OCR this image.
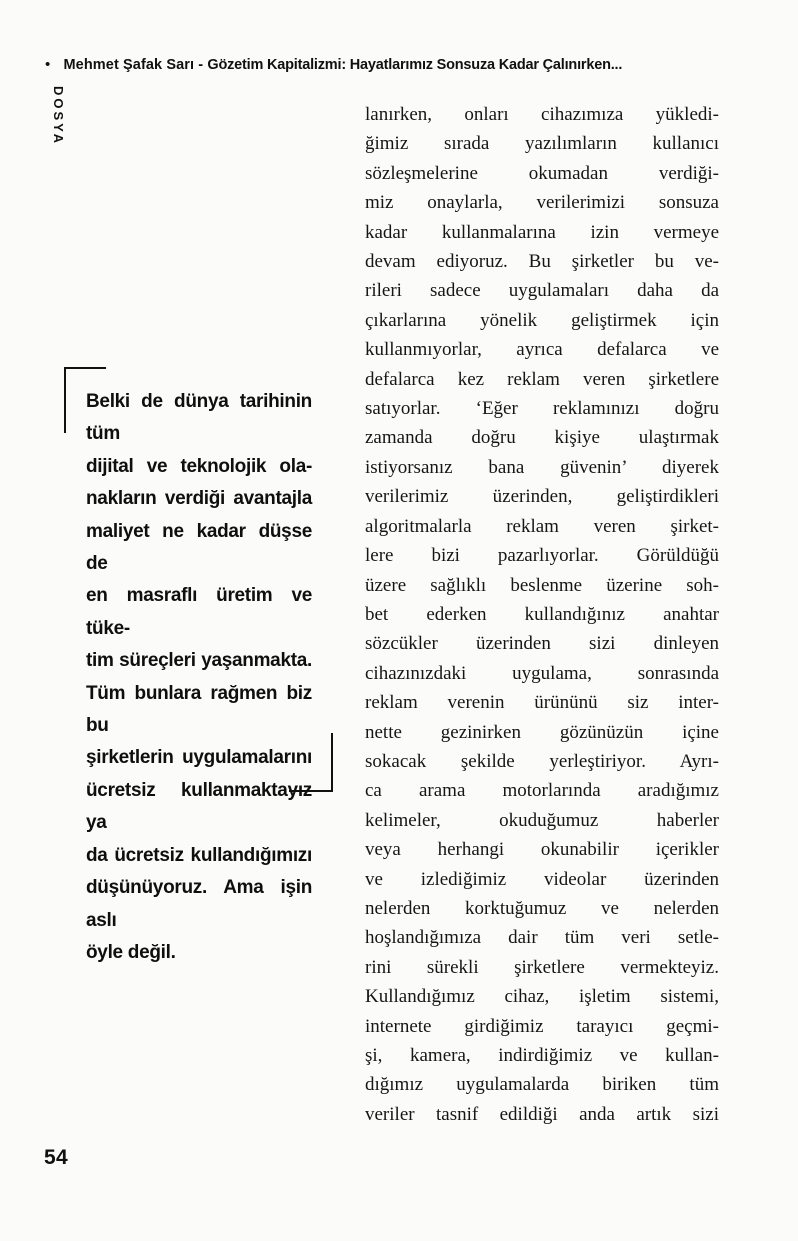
• Mehmet Şafak Sarı - Gözetim Kapitalizmi: Hayatlarımız Sonsuza Kadar Çalınırken...
DOSYA
Belki de dünya tarihinin tüm
dijital ve teknolojik ola-
nakların verdiği avantajla
maliyet ne kadar düşse de
en masraflı üretim ve tüke-
tim süreçleri yaşanmakta.
Tüm bunlara rağmen biz bu
şirketlerin uygulamalarını
ücretsiz kullanmaktayız ya
da ücretsiz kullandığımızı
düşünüyoruz. Ama işin aslı
öyle değil.
lanırken, onları cihazımıza yükledi-
ğimiz sırada yazılımların kullanıcı
sözleşmelerine okumadan verdiği-
miz onaylarla, verilerimizi sonsuza
kadar kullanmalarına izin vermeye
devam ediyoruz. Bu şirketler bu ve-
rileri sadece uygulamaları daha da
çıkarlarına yönelik geliştirmek için
kullanmıyorlar, ayrıca defalarca ve
defalarca kez reklam veren şirketlere
satıyorlar. ‘Eğer reklamınızı doğru
zamanda doğru kişiye ulaştırmak
istiyorsanız bana güvenin’ diyerek
verilerimiz üzerinden, geliştirdikleri
algoritmalarla reklam veren şirket-
lere bizi pazarlıyorlar. Görüldüğü
üzere sağlıklı beslenme üzerine soh-
bet ederken kullandığınız anahtar
sözcükler üzerinden sizi dinleyen
cihazınızdaki uygulama, sonrasında
reklam verenin ürününü siz inter-
nette gezinirken gözünüzün içine
sokacak şekilde yerleştiriyor. Ayrı-
ca arama motorlarında aradığımız
kelimeler, okuduğumuz haberler
veya herhangi okunabilir içerikler
ve izlediğimiz videolar üzerinden
nelerden korktuğumuz ve nelerden
hoşlandığımıza dair tüm veri setle-
rini sürekli şirketlere vermekteyiz.
Kullandığımız cihaz, işletim sistemi,
internete girdiğimiz tarayıcı geçmi-
şi, kamera, indirdiğimiz ve kullan-
dığımız uygulamalarda biriken tüm
veriler tasnif edildiği anda artık sizi
54
